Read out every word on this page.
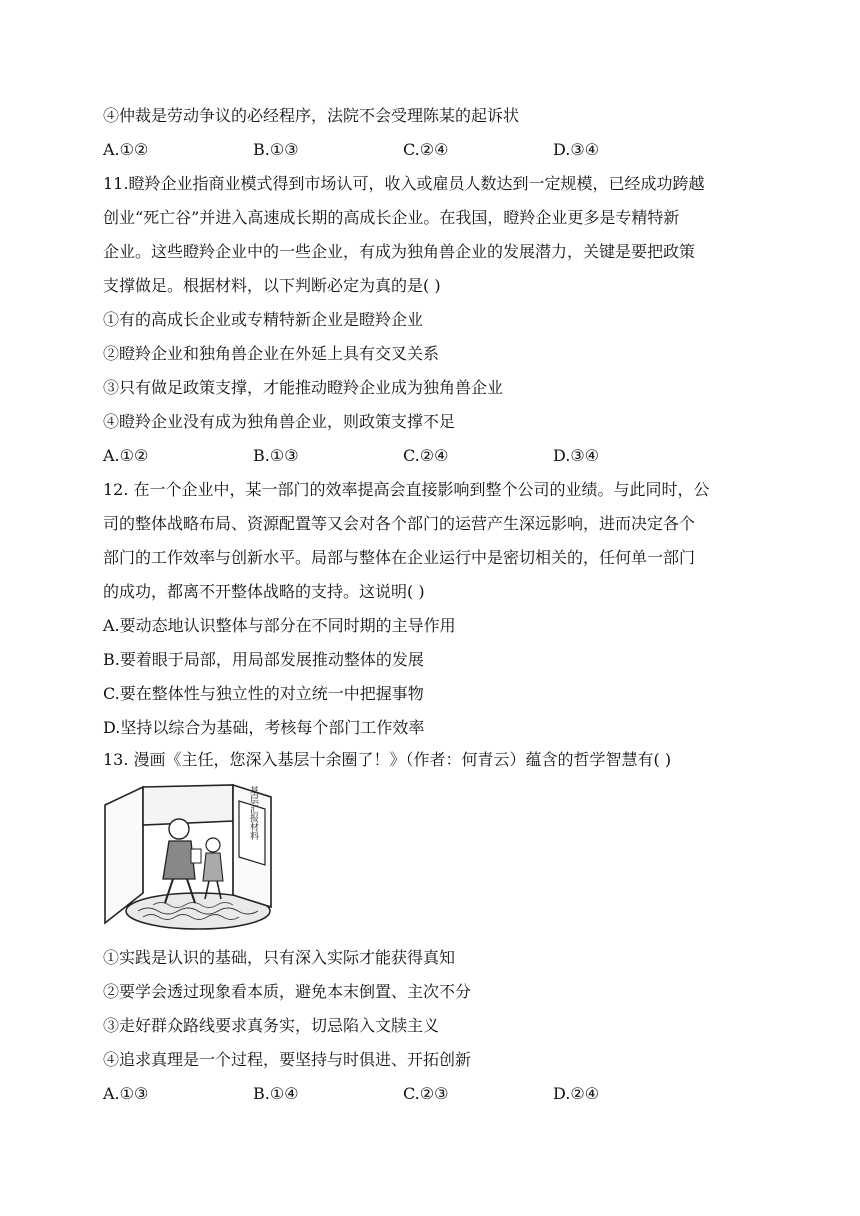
④仲裁是劳动争议的必经程序，法院不会受理陈某的起诉状
A.①②	B.①③	C.②④	D.③④
11.瞪羚企业指商业模式得到市场认可，收入或雇员人数达到一定规模，已经成功跨越
创业“死亡谷”并进入高速成长期的高成长企业。在我国，瞪羚企业更多是专精特新
企业。这些瞪羚企业中的一些企业，有成为独角兽企业的发展潜力，关键是要把政策
支撑做足。根据材料，以下判断必定为真的是( )
①有的高成长企业或专精特新企业是瞪羚企业
②瞪羚企业和独角兽企业在外延上具有交叉关系
③只有做足政策支撑，才能推动瞪羚企业成为独角兽企业
④瞪羚企业没有成为独角兽企业，则政策支撑不足
A.①②	B.①③	C.②④	D.③④
12. 在一个企业中，某一部门的效率提高会直接影响到整个公司的业绩。与此同时，公
司的整体战略布局、资源配置等又会对各个部门的运营产生深远影响，进而决定各个
部门的工作效率与创新水平。局部与整体在企业运行中是密切相关的，任何单一部门
的成功，都离不开整体战略的支持。这说明( )
A.要动态地认识整体与部分在不同时期的主导作用
B.要着眼于局部，用局部发展推动整体的发展
C.要在整体性与独立性的对立统一中把握事物
D.坚持以综合为基础，考核每个部门工作效率
13. 漫画《主任，您深入基层十余圈了！》（作者：何青云）蕴含的哲学智慧有( )
基层汇报材料
①实践是认识的基础，只有深入实际才能获得真知
②要学会透过现象看本质，避免本末倒置、主次不分
③走好群众路线要求真务实，切忌陷入文牍主义
④追求真理是一个过程，要坚持与时俱进、开拓创新
A.①③	B.①④	C.②③	D.②④
